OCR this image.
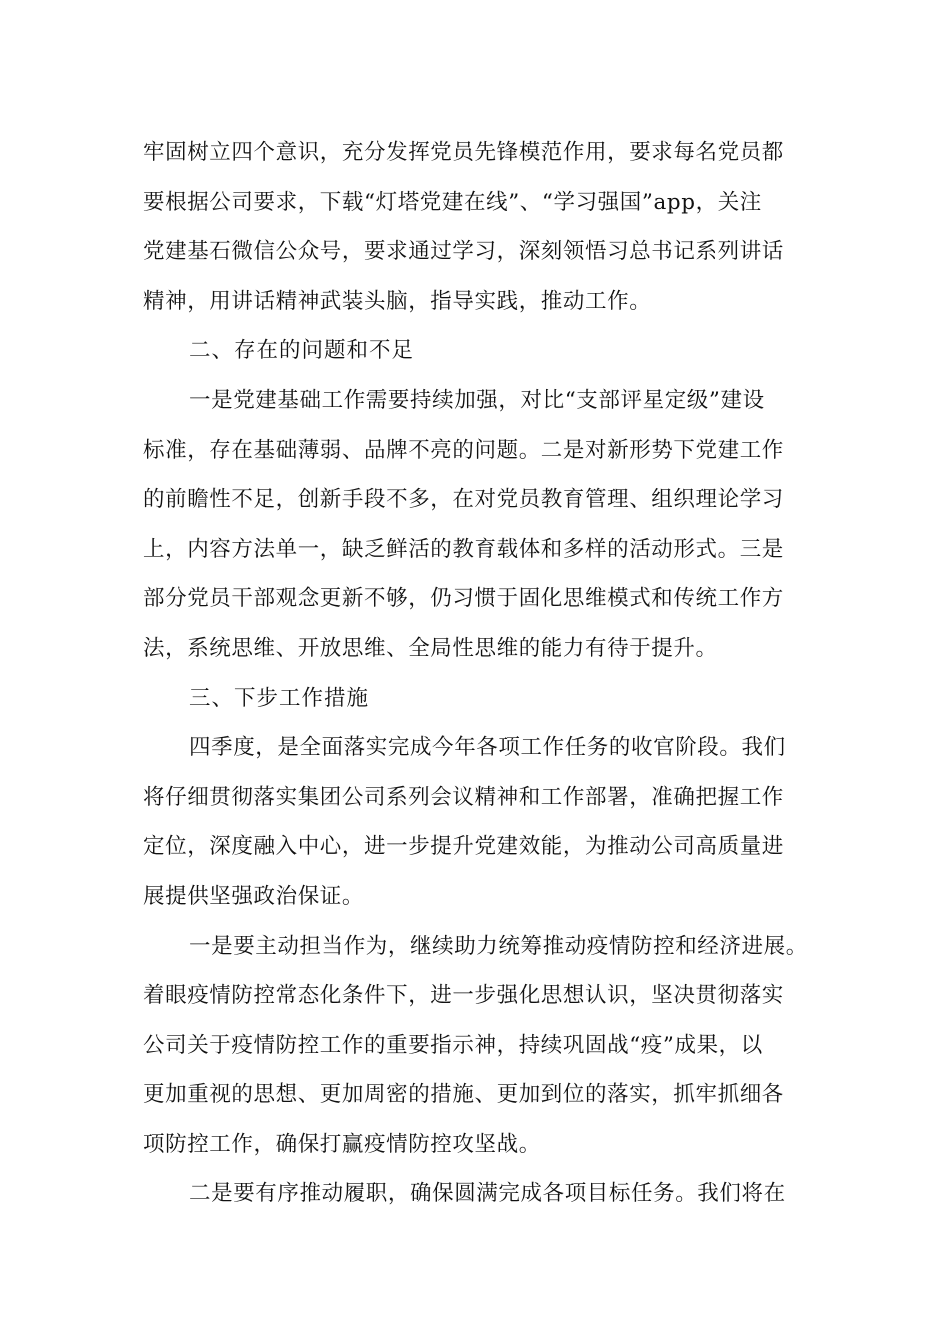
牢固树立四个意识，充分发挥党员先锋模范作用，要求每名党员都
要根据公司要求，下载“灯塔党建在线”、“学习强国”app，关注
党建基石微信公众号，要求通过学习，深刻领悟习总书记系列讲话
精神，用讲话精神武装头脑，指导实践，推动工作。
二、存在的问题和不足
一是党建基础工作需要持续加强，对比“支部评星定级”建设
标准，存在基础薄弱、品牌不亮的问题。二是对新形势下党建工作
的前瞻性不足，创新手段不多，在对党员教育管理、组织理论学习
上，内容方法单一，缺乏鲜活的教育载体和多样的活动形式。三是
部分党员干部观念更新不够，仍习惯于固化思维模式和传统工作方
法，系统思维、开放思维、全局性思维的能力有待于提升。
三、下步工作措施
四季度，是全面落实完成今年各项工作任务的收官阶段。我们
将仔细贯彻落实集团公司系列会议精神和工作部署，准确把握工作
定位，深度融入中心，进一步提升党建效能，为推动公司高质量进
展提供坚强政治保证。
一是要主动担当作为，继续助力统筹推动疫情防控和经济进展。
着眼疫情防控常态化条件下，进一步强化思想认识，坚决贯彻落实
公司关于疫情防控工作的重要指示神，持续巩固战“疫”成果，以
更加重视的思想、更加周密的措施、更加到位的落实，抓牢抓细各
项防控工作，确保打赢疫情防控攻坚战。
二是要有序推动履职，确保圆满完成各项目标任务。我们将在
